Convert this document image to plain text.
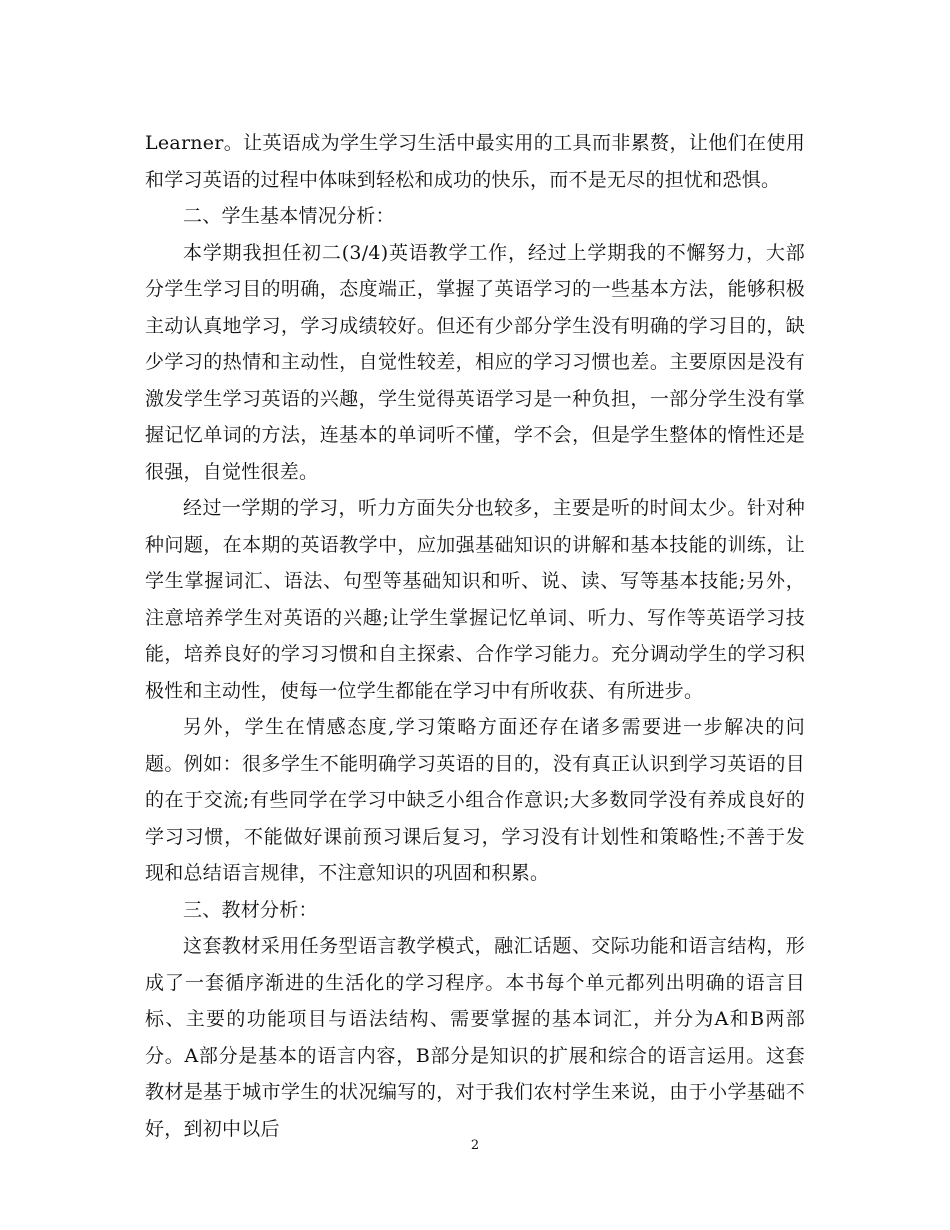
Learner。让英语成为学生学习生活中最实用的工具而非累赘，让他们在使用和学习英语的过程中体味到轻松和成功的快乐，而不是无尽的担忧和恐惧。

二、学生基本情况分析：

本学期我担任初二(3/4)英语教学工作，经过上学期我的不懈努力，大部分学生学习目的明确，态度端正，掌握了英语学习的一些基本方法，能够积极主动认真地学习，学习成绩较好。但还有少部分学生没有明确的学习目的，缺少学习的热情和主动性，自觉性较差，相应的学习习惯也差。主要原因是没有激发学生学习英语的兴趣，学生觉得英语学习是一种负担，一部分学生没有掌握记忆单词的方法，连基本的单词听不懂，学不会，但是学生整体的惰性还是很强，自觉性很差。

经过一学期的学习，听力方面失分也较多，主要是听的时间太少。针对种种问题，在本期的英语教学中，应加强基础知识的讲解和基本技能的训练，让学生掌握词汇、语法、句型等基础知识和听、说、读、写等基本技能;另外，注意培养学生对英语的兴趣;让学生掌握记忆单词、听力、写作等英语学习技能，培养良好的学习习惯和自主探索、合作学习能力。充分调动学生的学习积极性和主动性，使每一位学生都能在学习中有所收获、有所进步。

另外，学生在情感态度,学习策略方面还存在诸多需要进一步解决的问题。例如：很多学生不能明确学习英语的目的，没有真正认识到学习英语的目的在于交流;有些同学在学习中缺乏小组合作意识;大多数同学没有养成良好的学习习惯，不能做好课前预习课后复习，学习没有计划性和策略性;不善于发现和总结语言规律，不注意知识的巩固和积累。

三、教材分析：

这套教材采用任务型语言教学模式，融汇话题、交际功能和语言结构，形成了一套循序渐进的生活化的学习程序。本书每个单元都列出明确的语言目标、主要的功能项目与语法结构、需要掌握的基本词汇，并分为A和B两部分。A部分是基本的语言内容，B部分是知识的扩展和综合的语言运用。这套教材是基于城市学生的状况编写的，对于我们农村学生来说，由于小学基础不好，到初中以后

2
